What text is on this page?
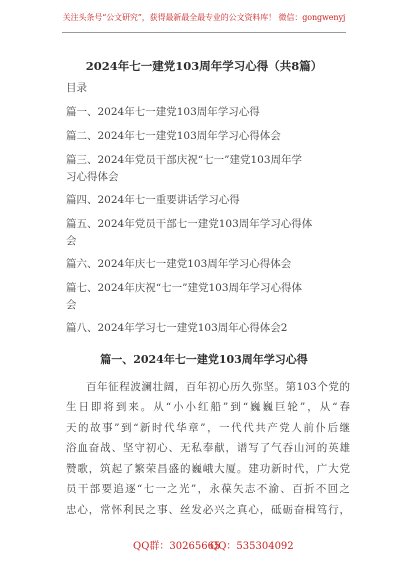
关注头条号“公文研究”，获得最新最全最专业的公文资料库！ 微信：gongwenyj
2024年七一建党103周年学习心得（共8篇）
目录
篇一、2024年七一建党103周年学习心得
篇二、2024年七一建党103周年学习心得体会
篇三、2024年党员干部庆祝“七一”建党103周年学
习心得体会
篇四、2024年七一重要讲话学习心得
篇五、2024年党员干部七一建党103周年学习心得体
会
篇六、2024年庆七一建党103周年学习心得体会
篇七、2024年庆祝“七一”建党103周年学习心得体
会
篇八、2024年学习七一建党103周年心得体会2
篇一、2024年七一建党103周年学习心得
百年征程波澜壮阔，百年初心历久弥坚。第103个党的
生日即将到来。从“小小红船”到“巍巍巨轮”，从“春
天的故事”到“新时代华章”，一代代共产党人前仆后继
浴血奋战、坚守初心、无私奉献，谱写了气吞山河的英雄
赞歌，筑起了繁荣昌盛的巍峨大厦。建功新时代，广大党
员干部要追逐“七一之光”，永葆矢志不渝、百折不回之
忠心，常怀利民之事、丝发必兴之真心，砥砺奋楫笃行，
QQ群：30265665
QQ：535304092
